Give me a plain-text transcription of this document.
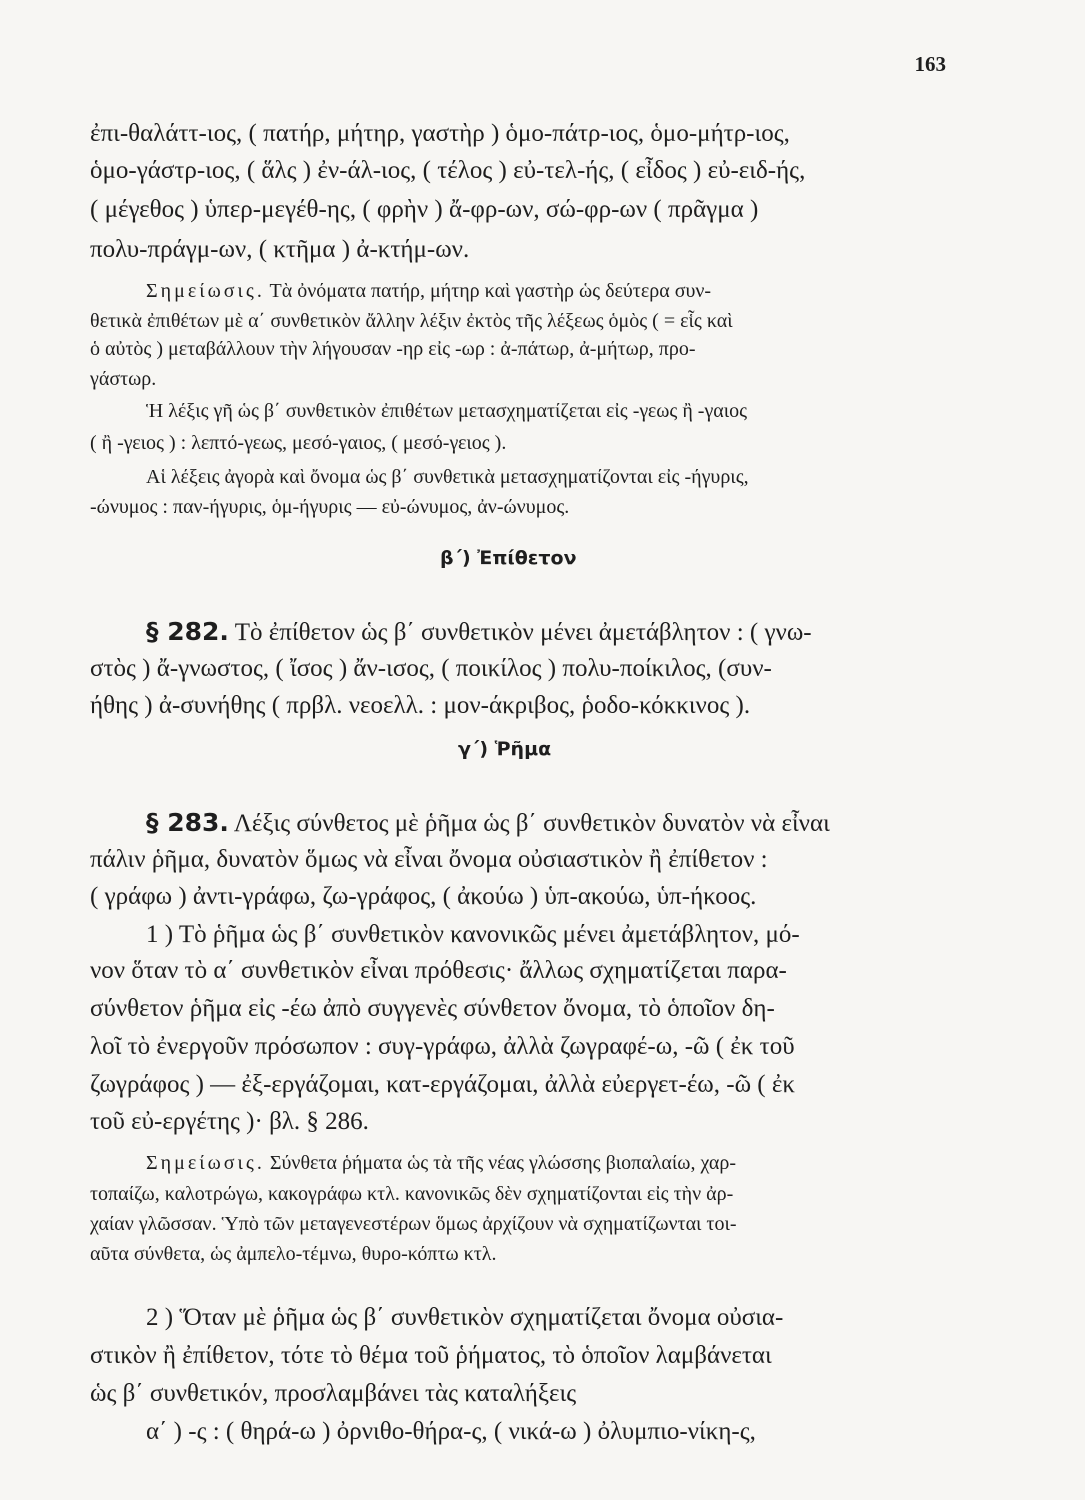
163
ἐπι-θαλάττ-ιος, ( πατήρ, μήτηρ, γαστὴρ ) ὁμο-πάτρ-ιος, ὁμο-μήτρ-ιος,
ὁμο-γάστρ-ιος, ( ἅλς ) ἐν-άλ-ιος, ( τέλος ) εὐ-τελ-ής, ( εἶδος ) εὐ-ειδ-ής,
( μέγεθος ) ὑπερ-μεγέθ-ης, ( φρὴν ) ἄ-φρ-ων, σώ-φρ-ων ( πρᾶγμα )
πολυ-πράγμ-ων, ( κτῆμα ) ἀ-κτήμ-ων.
Σημείωσις. Τὰ ὀνόματα πατήρ, μήτηρ καὶ γαστὴρ ὡς δεύτερα συν-
θετικὰ ἐπιθέτων μὲ α΄ συνθετικὸν ἄλλην λέξιν ἐκτὸς τῆς λέξεως ὁμὸς ( = εἷς καὶ
ὁ αὐτὸς ) μεταβάλλουν τὴν λήγουσαν -ηρ εἰς -ωρ : ἀ-πάτωρ, ἀ-μήτωρ, προ-
γάστωρ.
Ἡ λέξις γῆ ὡς β΄ συνθετικὸν ἐπιθέτων μετασχηματίζεται εἰς -γεως ἢ -γαιος
( ἢ -γειος ) : λεπτό-γεως, μεσό-γαιος, ( μεσό-γειος ).
Αἱ λέξεις ἀγορὰ καὶ ὄνομα ὡς β΄ συνθετικὰ μετασχηματίζονται εἰς -ήγυρις,
-ώνυμος : παν-ήγυρις, ὁμ-ήγυρις — εὐ-ώνυμος, ἀν-ώνυμος.
β΄) Ἐπίθετον
§ 282. Τὸ ἐπίθετον ὡς β΄ συνθετικὸν μένει ἀμετάβλητον : ( γνω-
στὸς ) ἄ-γνωστος, ( ἴσος ) ἄν-ισος, ( ποικίλος ) πολυ-ποίκιλος, (συν-
ήθης ) ἀ-συνήθης ( πρβλ. νεοελλ. : μον-άκριβος, ῥοδο-κόκκινος ).
γ΄) Ῥῆμα
§ 283. Λέξις σύνθετος μὲ ῥῆμα ὡς β΄ συνθετικὸν δυνατὸν νὰ εἶναι
πάλιν ῥῆμα, δυνατὸν ὅμως νὰ εἶναι ὄνομα οὐσιαστικὸν ἢ ἐπίθετον :
( γράφω ) ἀντι-γράφω, ζω-γράφος, ( ἀκούω ) ὑπ-ακούω, ὑπ-ήκοος.
1 ) Τὸ ῥῆμα ὡς β΄ συνθετικὸν κανονικῶς μένει ἀμετάβλητον, μό-
νον ὅταν τὸ α΄ συνθετικὸν εἶναι πρόθεσις· ἄλλως σχηματίζεται παρα-
σύνθετον ῥῆμα εἰς -έω ἀπὸ συγγενὲς σύνθετον ὄνομα, τὸ ὁποῖον δη-
λοῖ τὸ ἐνεργοῦν πρόσωπον : συγ-γράφω, ἀλλὰ ζωγραφέ-ω, -ῶ ( ἐκ τοῦ
ζωγράφος ) — ἐξ-εργάζομαι, κατ-εργάζομαι, ἀλλὰ εὐεργετ-έω, -ῶ ( ἐκ
τοῦ εὐ-εργέτης )· βλ. § 286.
Σημείωσις. Σύνθετα ῥήματα ὡς τὰ τῆς νέας γλώσσης βιοπαλαίω, χαρ-
τοπαίζω, καλοτρώγω, κακογράφω κτλ. κανονικῶς δὲν σχηματίζονται εἰς τὴν ἀρ-
χαίαν γλῶσσαν. Ὑπὸ τῶν μεταγενεστέρων ὅμως ἀρχίζουν νὰ σχηματίζωνται τοι-
αῦτα σύνθετα, ὡς ἀμπελο-τέμνω, θυρο-κόπτω κτλ.
2 ) Ὅταν μὲ ῥῆμα ὡς β΄ συνθετικὸν σχηματίζεται ὄνομα οὐσια-
στικὸν ἢ ἐπίθετον, τότε τὸ θέμα τοῦ ῥήματος, τὸ ὁποῖον λαμβάνεται
ὡς β΄ συνθετικόν, προσλαμβάνει τὰς καταλήξεις
α΄ ) -ς : ( θηρά-ω ) ὀρνιθο-θήρα-ς, ( νικά-ω ) ὀλυμπιο-νίκη-ς,
